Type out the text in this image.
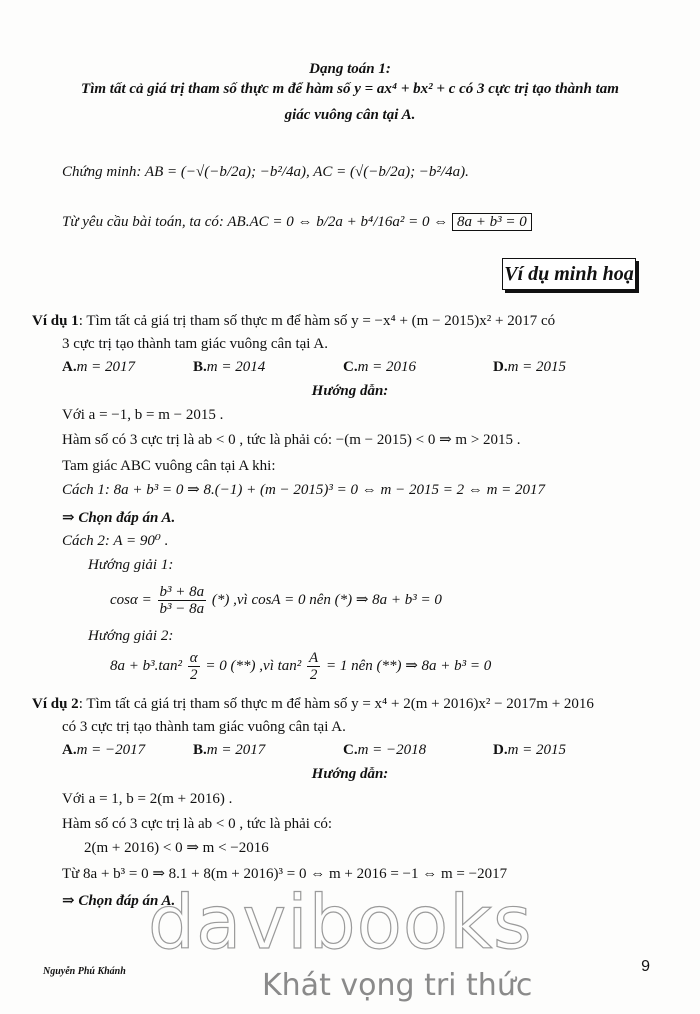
Dạng toán 1:
Tìm tất cả giá trị tham số thực m để hàm số y = ax⁴ + bx² + c có 3 cực trị tạo thành tam
giác vuông cân tại A.
Chứng minh: AB = (−√(−b/2a); −b²/4a), AC = (√(−b/2a); −b²/4a).
Từ yêu cầu bài toán, ta có: AB.AC = 0 ⇔ b/2a + b⁴/16a² = 0 ⇔ 8a + b³ = 0
Ví dụ minh hoạ
Ví dụ 1: Tìm tất cả giá trị tham số thực m để hàm số y = −x⁴ + (m − 2015)x² + 2017 có
3 cực trị tạo thành tam giác vuông cân tại A.
A.m = 2017	B.m = 2014	C.m = 2016	D.m = 2015
Hướng dẫn:
Với a = −1, b = m − 2015 .
Hàm số có 3 cực trị là ab < 0 , tức là phải có: −(m − 2015) < 0 ⇒ m > 2015 .
Tam giác ABC vuông cân tại A khi:
Cách 1: 8a + b³ = 0 ⇒ 8.(−1) + (m − 2015)³ = 0 ⇔ m − 2015 = 2 ⇔ m = 2017
⇒ Chọn đáp án A.
Cách 2: A = 90⁰ .
Hướng giải 1:
$\cos\alpha = \frac{\text{b³ + 8a}}{\text{b³ − 8a}}$ (*) ,vì cosA = 0 nên (*) ⇒ 8a + b³ = 0
Hướng giải 2:
$8a + b^3.\tan^2 \frac{\alpha}{2} = 0$ (**) ,vì $\tan^2 \frac{A}{2} = 1$ nên (**) ⇒ 8a + b³ = 0
Ví dụ 2: Tìm tất cả giá trị tham số thực m để hàm số y = x⁴ + 2(m + 2016)x² − 2017m + 2016
có 3 cực trị tạo thành tam giác vuông cân tại A.
A.m = −2017	B.m = 2017	C.m = −2018	D.m = 2015
Hướng dẫn:
Với a = 1, b = 2(m + 2016) .
Hàm số có 3 cực trị là ab < 0 , tức là phải có:
2(m + 2016) < 0 ⇒ m < −2016
Từ 8a + b³ = 0 ⇒ 8.1 + 8(m + 2016)³ = 0 ⇔ m + 2016 = −1 ⇔ m = −2017
⇒ Chọn đáp án A.
davibooks
Khát vọng tri thức
Nguyễn Phú Khánh	9
